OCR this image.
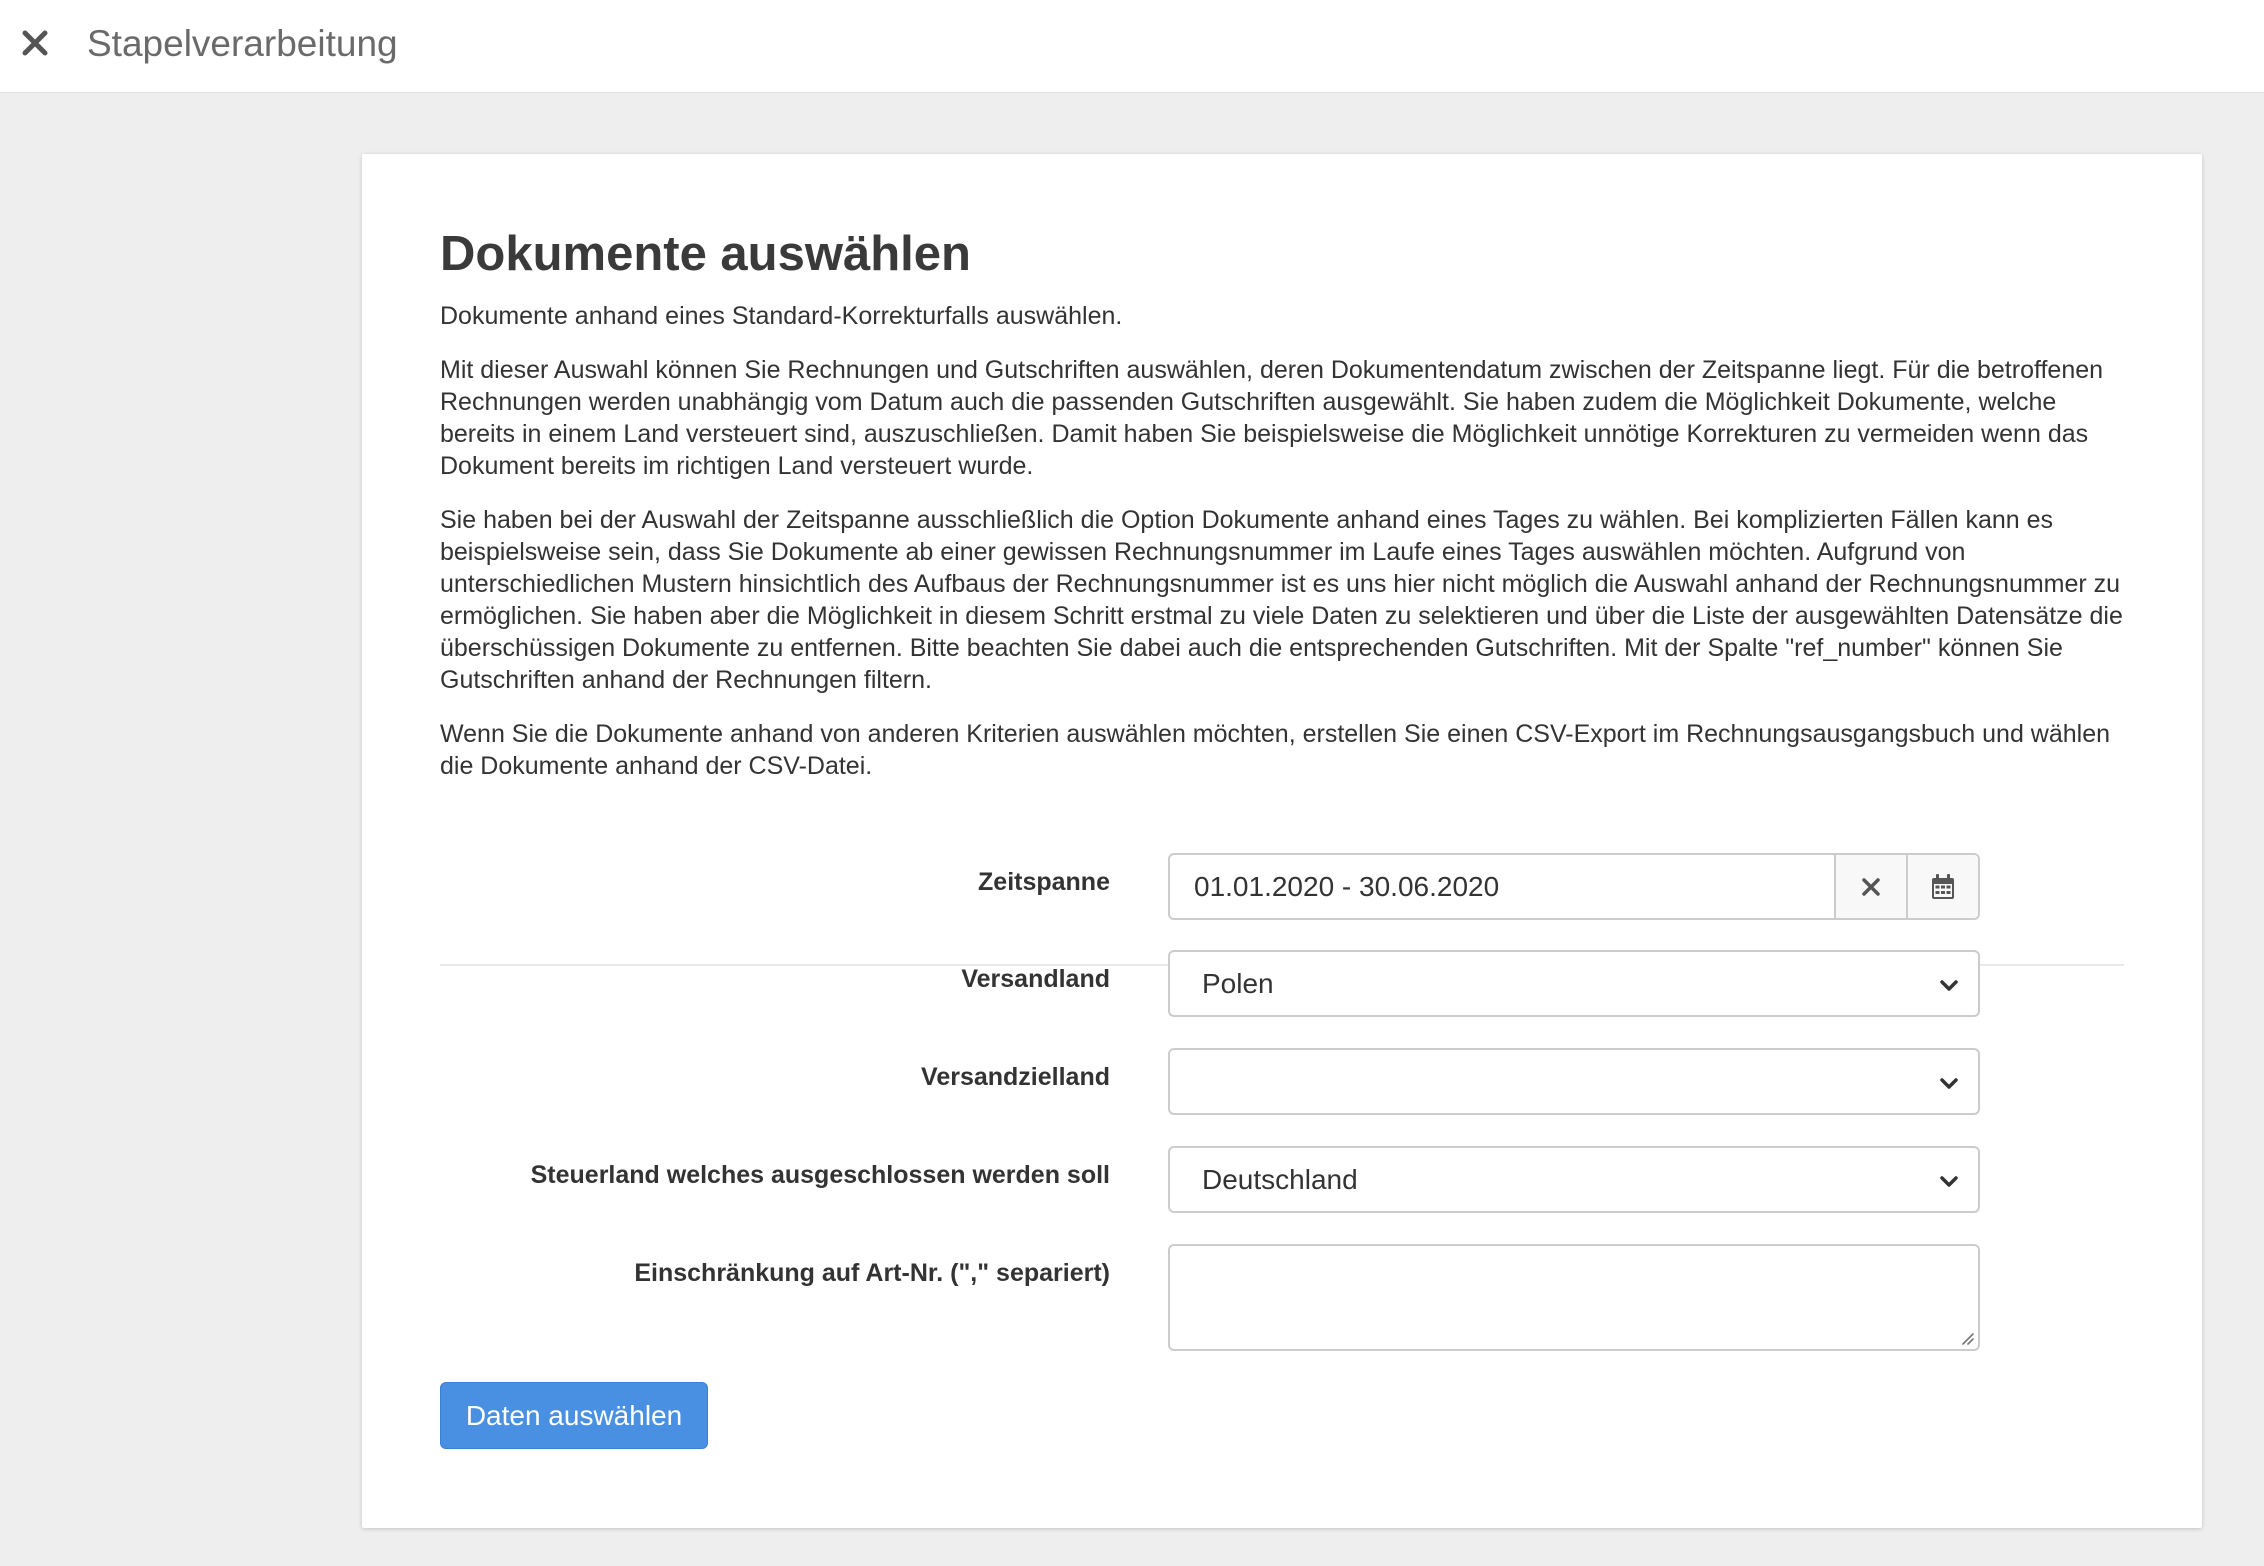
Stapelverarbeitung
Dokumente auswählen

Dokumente anhand eines Standard-Korrekturfalls auswählen.

Mit dieser Auswahl können Sie Rechnungen und Gutschriften auswählen, deren Dokumentendatum zwischen der Zeitspanne liegt. Für die betroffenen Rechnungen werden unabhängig vom Datum auch die passenden Gutschriften ausgewählt. Sie haben zudem die Möglichkeit Dokumente, welche bereits in einem Land versteuert sind, auszuschließen. Damit haben Sie beispielsweise die Möglichkeit unnötige Korrekturen zu vermeiden wenn das Dokument bereits im richtigen Land versteuert wurde.

Sie haben bei der Auswahl der Zeitspanne ausschließlich die Option Dokumente anhand eines Tages zu wählen. Bei komplizierten Fällen kann es beispielsweise sein, dass Sie Dokumente ab einer gewissen Rechnungsnummer im Laufe eines Tages auswählen möchten. Aufgrund von unterschiedlichen Mustern hinsichtlich des Aufbaus der Rechnungsnummer ist es uns hier nicht möglich die Auswahl anhand der Rechnungsnummer zu ermöglichen. Sie haben aber die Möglichkeit in diesem Schritt erstmal zu viele Daten zu selektieren und über die Liste der ausgewählten Datensätze die überschüssigen Dokumente zu entfernen. Bitte beachten Sie dabei auch die entsprechenden Gutschriften. Mit der Spalte "ref_number" können Sie Gutschriften anhand der Rechnungen filtern.

Wenn Sie die Dokumente anhand von anderen Kriterien auswählen möchten, erstellen Sie einen CSV-Export im Rechnungsausgangsbuch und wählen die Dokumente anhand der CSV-Datei.

Zeitspanne	01.01.2020 - 30.06.2020
Versandland	Polen
Versandzielland
Steuerland welches ausgeschlossen werden soll	Deutschland
Einschränkung auf Art-Nr. ("," separiert)
Daten auswählen
